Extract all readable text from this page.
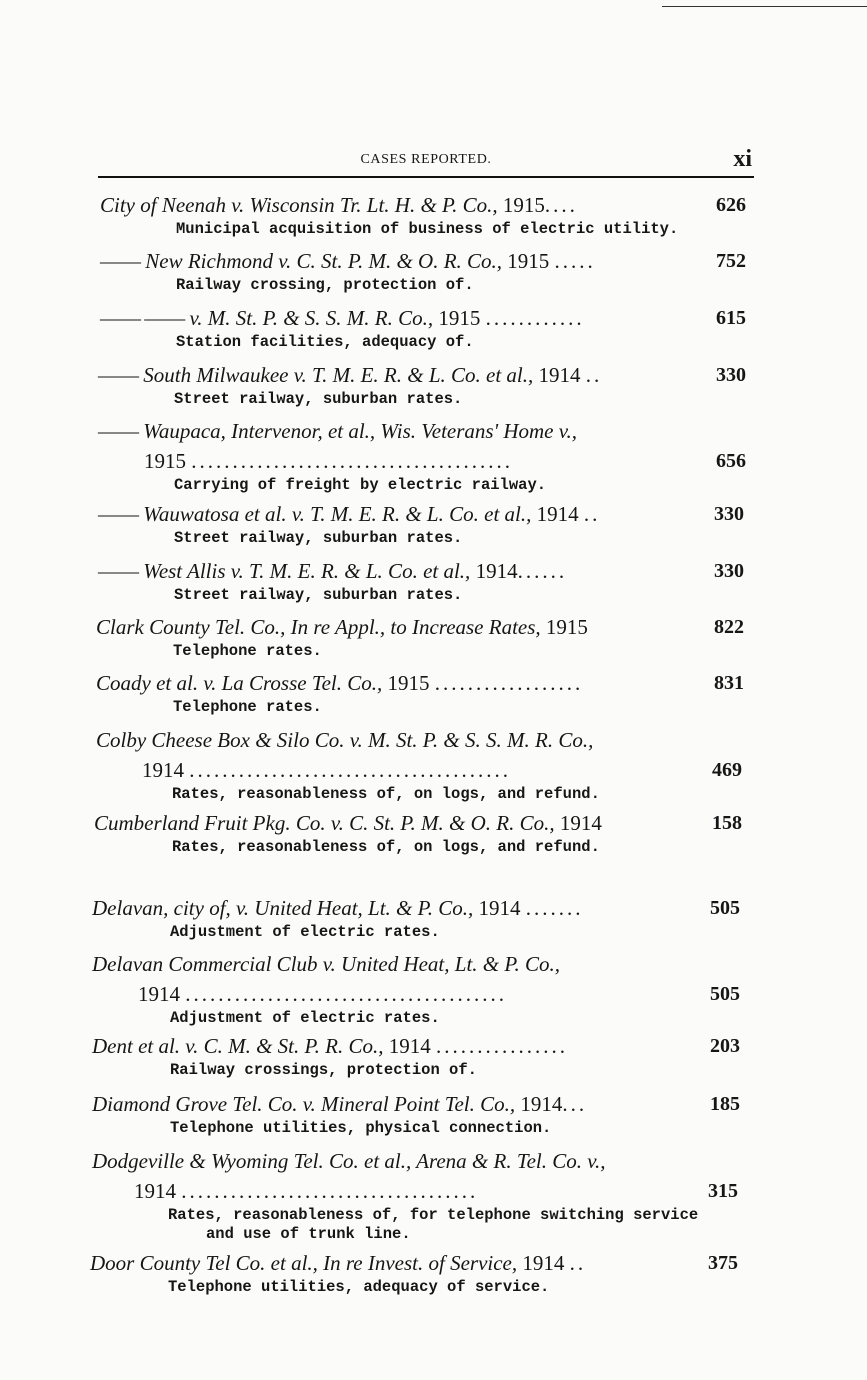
CASES REPORTED.	xi
City of Neenah v. Wisconsin Tr. Lt. H. & P. Co., 1915....	626
Municipal acquisition of business of electric utility.
—— New Richmond v. C. St. P. M. & O. R. Co., 1915 .....	752
Railway crossing, protection of.
—— —— v. M. St. P. & S. S. M. R. Co., 1915 ............	615
Station facilities, adequacy of.
—— South Milwaukee v. T. M. E. R. & L. Co. et al., 1914 ..	330
Street railway, suburban rates.
—— Waupaca, Intervenor, et al., Wis. Veterans' Home v.,
1915 .......................................	656
Carrying of freight by electric railway.
—— Wauwatosa et al. v. T. M. E. R. & L. Co. et al., 1914 ..	330
Street railway, suburban rates.
—— West Allis v. T. M. E. R. & L. Co. et al., 1914......	330
Street railway, suburban rates.
Clark County Tel. Co., In re Appl., to Increase Rates, 1915	822
Telephone rates.
Coady et al. v. La Crosse Tel. Co., 1915 ..................	831
Telephone rates.
Colby Cheese Box & Silo Co. v. M. St. P. & S. S. M. R. Co.,
1914 .......................................	469
Rates, reasonableness of, on logs, and refund.
Cumberland Fruit Pkg. Co. v. C. St. P. M. & O. R. Co., 1914	158
Rates, reasonableness of, on logs, and refund.
Delavan, city of, v. United Heat, Lt. & P. Co., 1914 .......	505
Adjustment of electric rates.
Delavan Commercial Club v. United Heat, Lt. & P. Co.,
1914 .......................................	505
Adjustment of electric rates.
Dent et al. v. C. M. & St. P. R. Co., 1914 ................	203
Railway crossings, protection of.
Diamond Grove Tel. Co. v. Mineral Point Tel. Co., 1914...	185
Telephone utilities, physical connection.
Dodgeville & Wyoming Tel. Co. et al., Arena & R. Tel. Co. v.,
1914 ....................................	315
Rates, reasonableness of, for telephone switching service
and use of trunk line.
Door County Tel Co. et al., In re Invest. of Service, 1914 ..	375
Telephone utilities, adequacy of service.
